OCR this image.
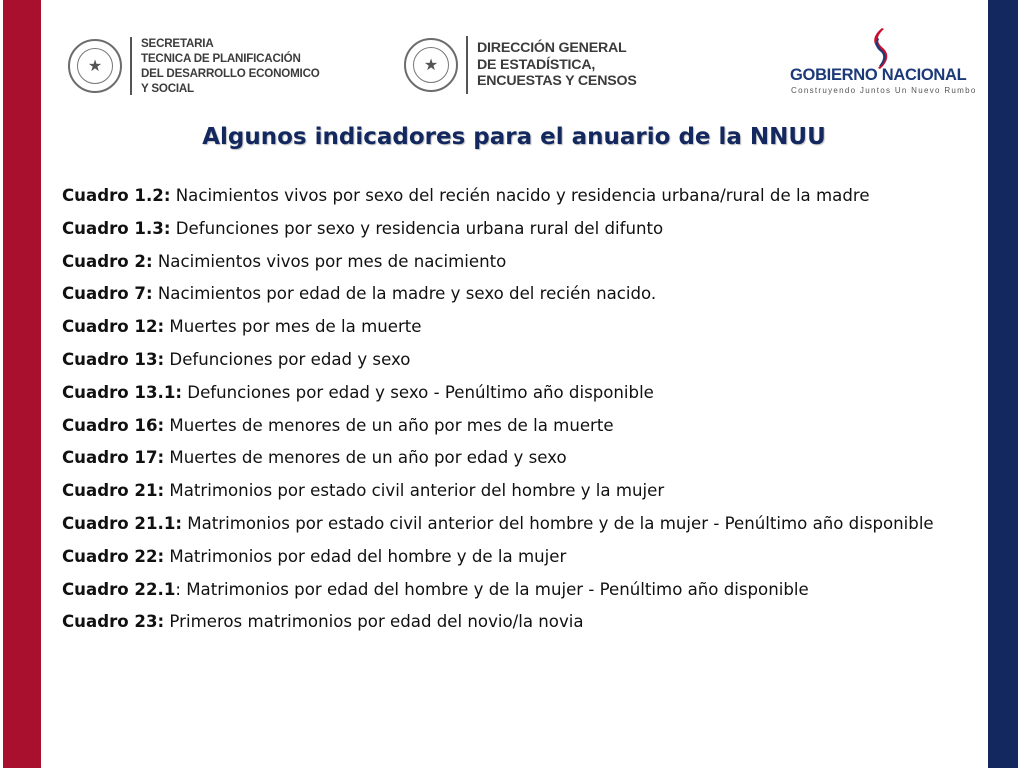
★
SECRETARIA
TECNICA DE PLANIFICACIÓN
DEL DESARROLLO ECONOMICO
Y SOCIAL
★
DIRECCIÓN GENERAL
DE ESTADÍSTICA,
ENCUESTAS Y CENSOS	GOBIERNO NACIONAL
Construyendo Juntos Un Nuevo Rumbo
Algunos indicadores para el anuario de la NNUU
Cuadro 1.2: Nacimientos vivos por sexo del recién nacido y residencia urbana/rural de la madre
Cuadro 1.3: Defunciones por sexo y residencia urbana rural del difunto
Cuadro 2: Nacimientos vivos por mes de nacimiento
Cuadro 7: Nacimientos por edad de la madre y sexo del recién nacido.
Cuadro 12: Muertes por mes de la muerte
Cuadro 13: Defunciones por edad y sexo
Cuadro 13.1: Defunciones por edad y sexo - Penúltimo año disponible
Cuadro 16: Muertes de menores de un año por mes de la muerte
Cuadro 17: Muertes de menores de un año por edad y sexo
Cuadro 21: Matrimonios por estado civil anterior del hombre y la mujer
Cuadro 21.1: Matrimonios por estado civil anterior del hombre y de la mujer - Penúltimo año disponible
Cuadro 22: Matrimonios por edad del hombre y de la mujer
Cuadro 22.1: Matrimonios por edad del hombre y de la mujer - Penúltimo año disponible
Cuadro 23: Primeros matrimonios por edad del novio/la novia
